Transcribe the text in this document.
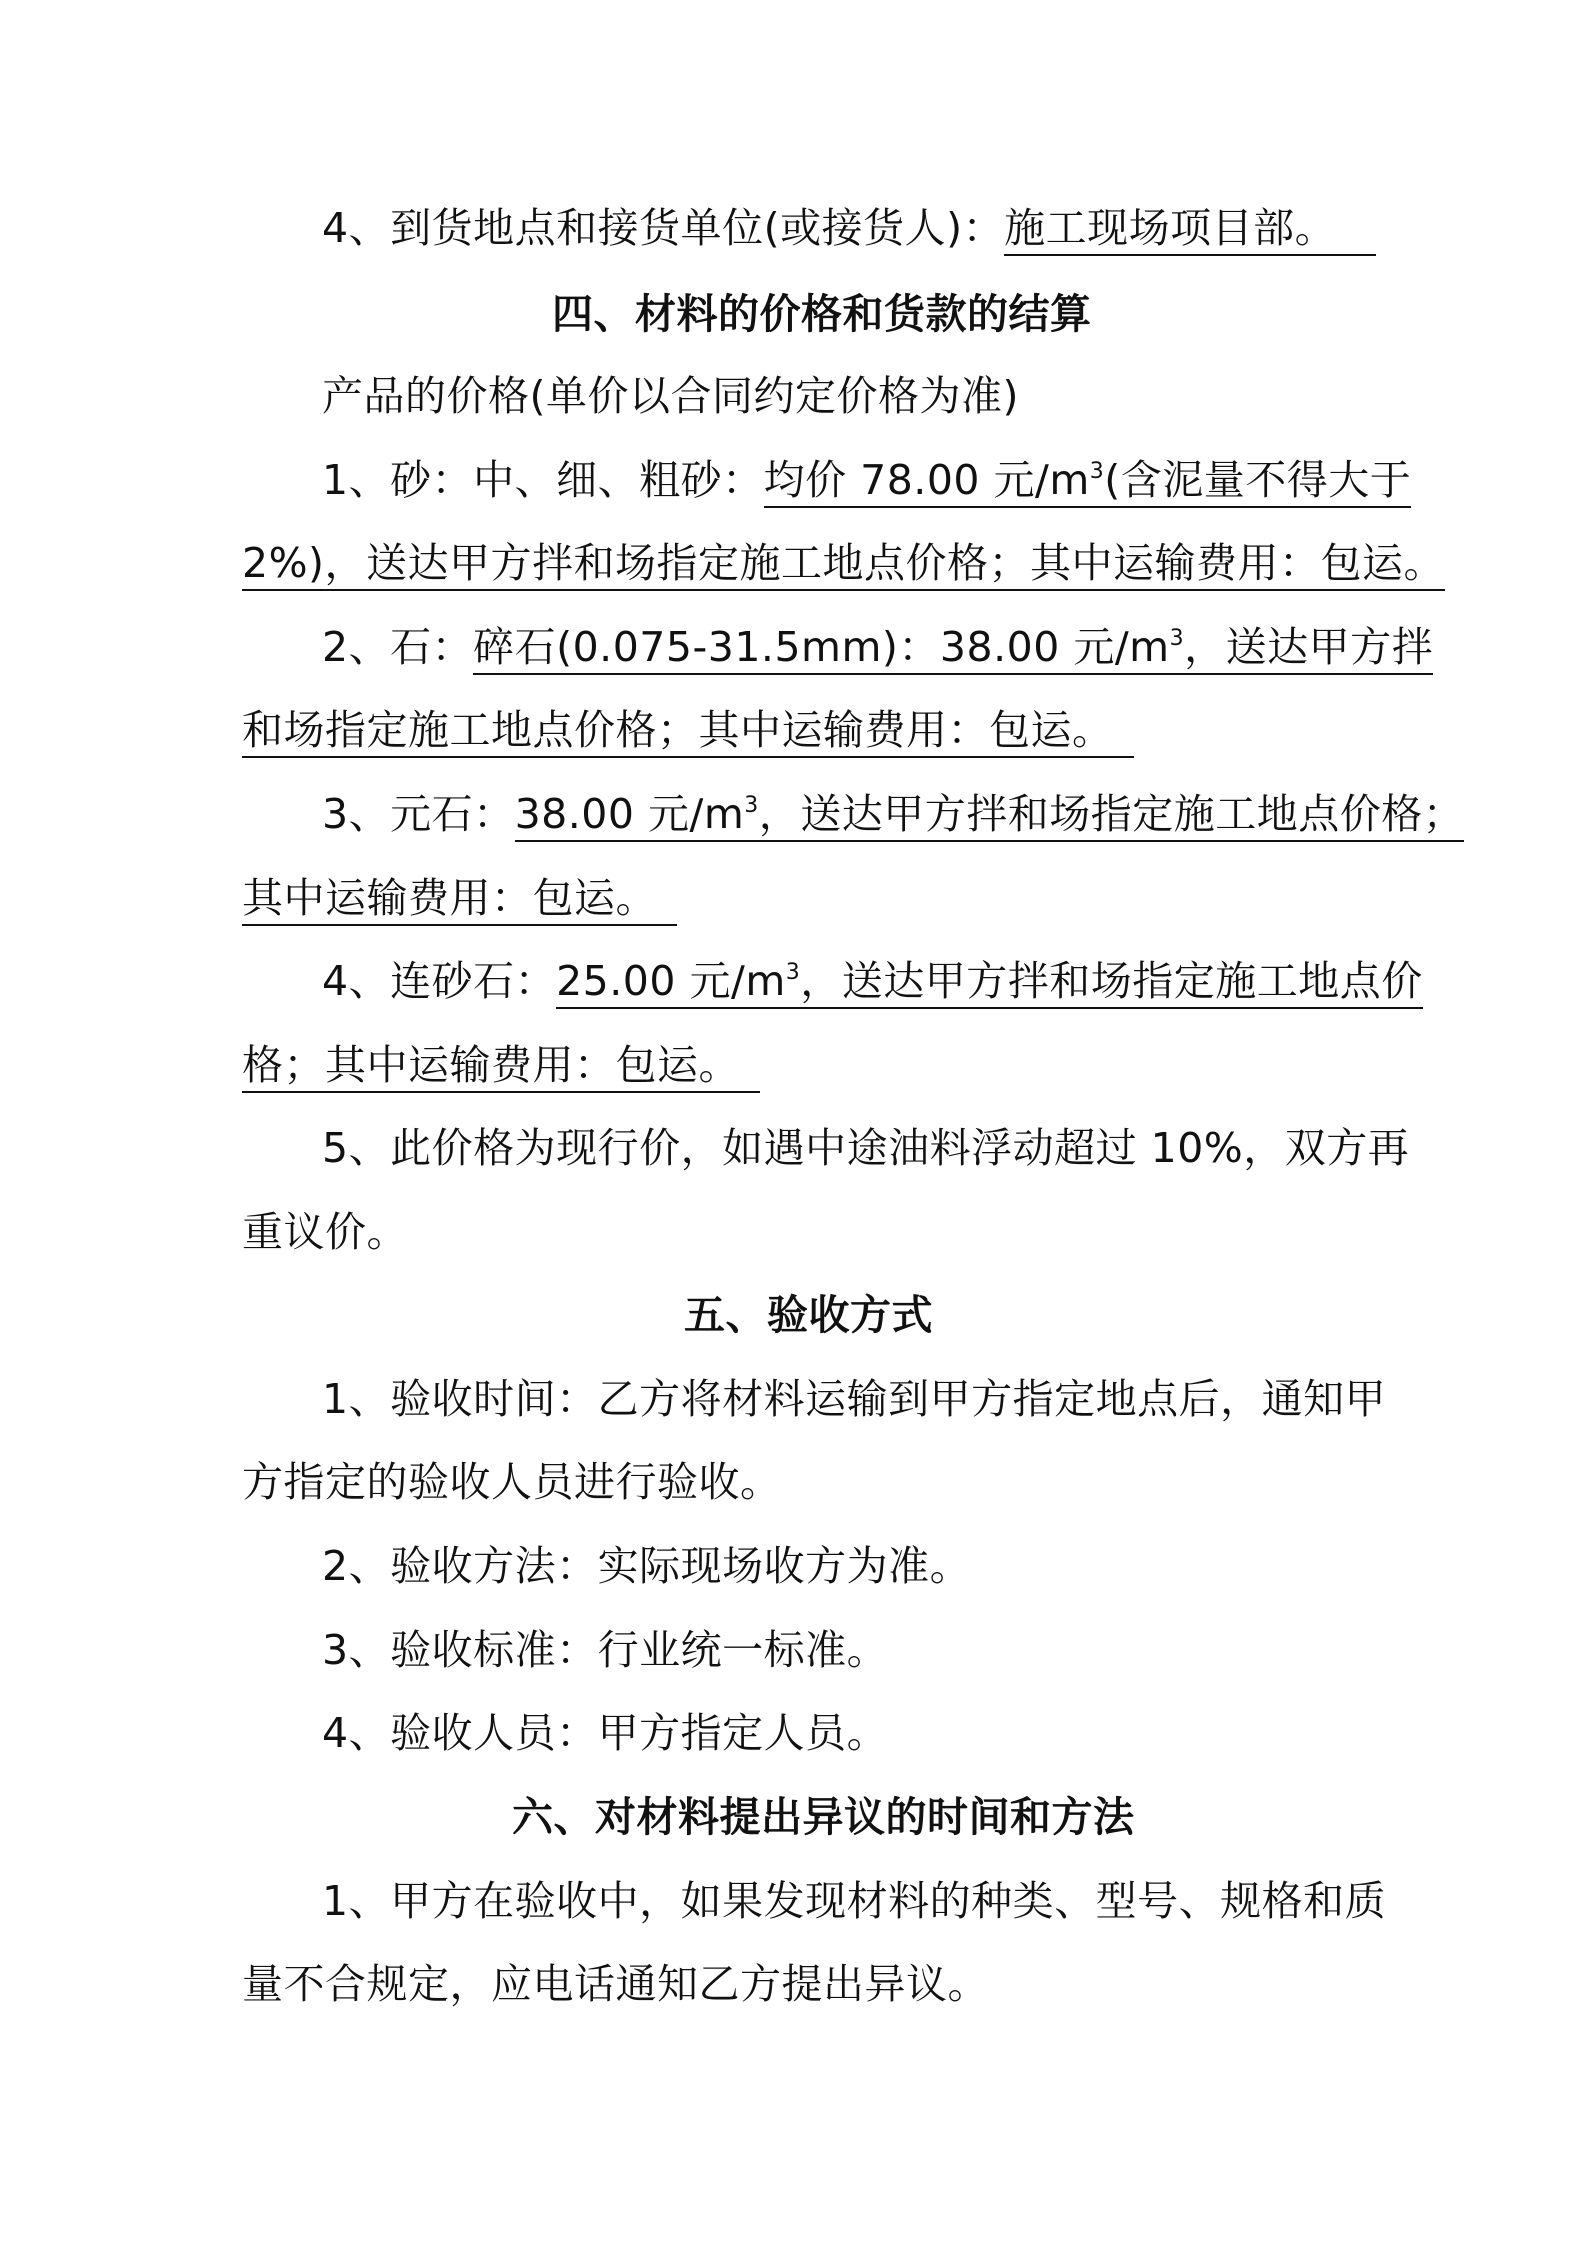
4、到货地点和接货单位(或接货人)：施工现场项目部。
四、材料的价格和货款的结算
产品的价格(单价以合同约定价格为准)
1、砂：中、细、粗砂：均价 78.00 元$/m^3$(含泥量不得大于
2%)，送达甲方拌和场指定施工地点价格；其中运输费用：包运。
2、石：碎石(0.075-31.5mm)：38.00 元$/m^3$，送达甲方拌
和场指定施工地点价格；其中运输费用：包运。
3、元石：38.00 元$/m^3$，送达甲方拌和场指定施工地点价格；
其中运输费用：包运。
4、连砂石：25.00 元$/m^3$，送达甲方拌和场指定施工地点价
格；其中运输费用：包运。
5、此价格为现行价，如遇中途油料浮动超过 10%，双方再
重议价。
五、验收方式
1、验收时间：乙方将材料运输到甲方指定地点后，通知甲
方指定的验收人员进行验收。
2、验收方法：实际现场收方为准。
3、验收标准：行业统一标准。
4、验收人员：甲方指定人员。
六、对材料提出异议的时间和方法
1、甲方在验收中，如果发现材料的种类、型号、规格和质
量不合规定，应电话通知乙方提出异议。
